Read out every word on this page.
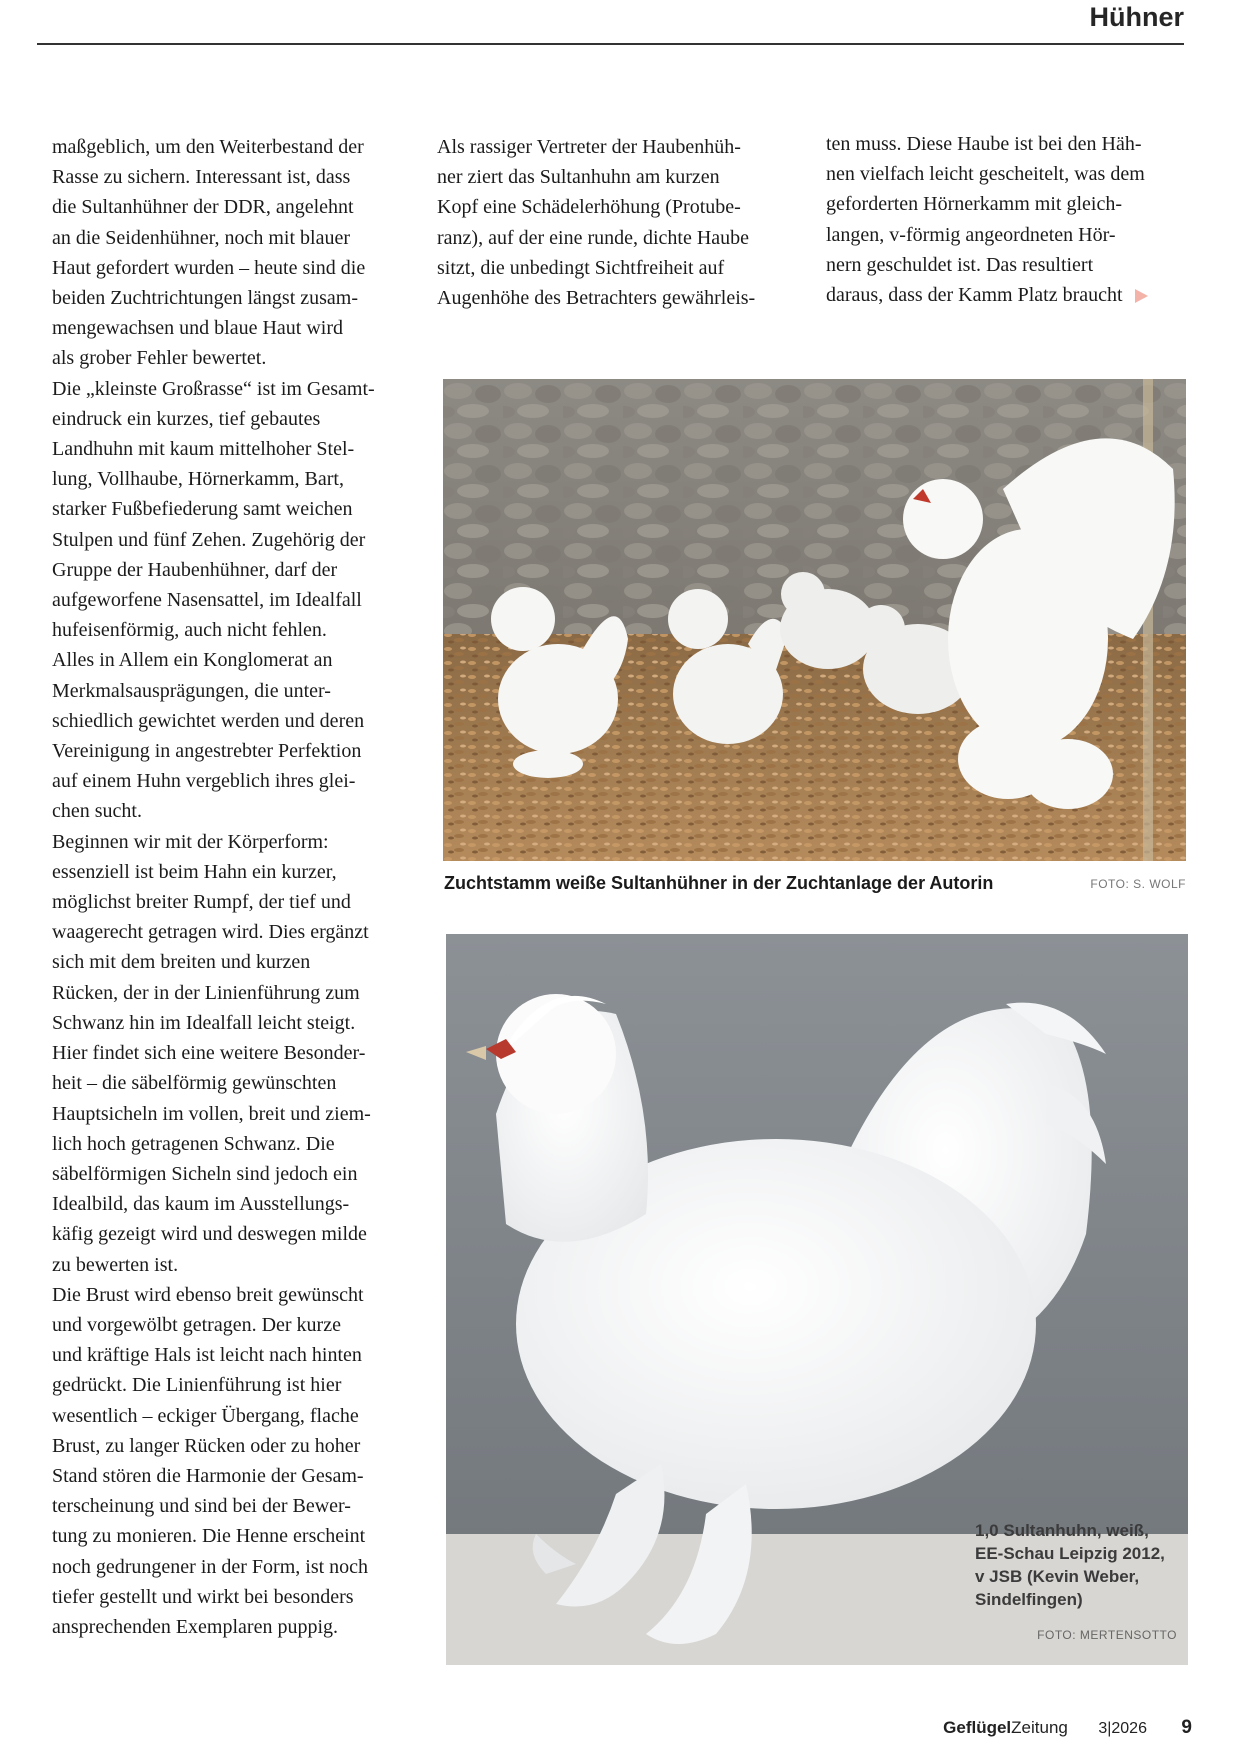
Hühner

maßgeblich, um den Weiterbestand der

Rasse zu sichern. Interessant ist, dass

die Sultanhühner der DDR, angelehnt

an die Seidenhühner, noch mit blauer

Haut gefordert wurden – heute sind die

beiden Zuchtrichtungen längst zusam-

mengewachsen und blaue Haut wird

als grober Fehler bewertet.

Die „kleinste Großrasse“ ist im Gesamt-

eindruck ein kurzes, tief gebautes

Landhuhn mit kaum mittelhoher Stel-

lung, Vollhaube, Hörnerkamm, Bart,

starker Fußbefiederung samt weichen

Stulpen und fünf Zehen. Zugehörig der

Gruppe der Haubenhühner, darf der

aufgeworfene Nasensattel, im Idealfall

hufeisenförmig, auch nicht fehlen.

Alles in Allem ein Konglomerat an

Merkmalsausprägungen, die unter-

schiedlich gewichtet werden und deren

Vereinigung in angestrebter Perfektion

auf einem Huhn vergeblich ihres glei-

chen sucht.

Beginnen wir mit der Körperform:

essenziell ist beim Hahn ein kurzer,

möglichst breiter Rumpf, der tief und

waagerecht getragen wird. Dies ergänzt

sich mit dem breiten und kurzen

Rücken, der in der Linienführung zum

Schwanz hin im Idealfall leicht steigt.

Hier findet sich eine weitere Besonder-

heit – die säbelförmig gewünschten

Hauptsicheln im vollen, breit und ziem-

lich hoch getragenen Schwanz. Die

säbelförmigen Sicheln sind jedoch ein

Idealbild, das kaum im Ausstellungs-

käfig gezeigt wird und deswegen milde

zu bewerten ist.

Die Brust wird ebenso breit gewünscht

und vorgewölbt getragen. Der kurze

und kräftige Hals ist leicht nach hinten

gedrückt. Die Linienführung ist hier

wesentlich – eckiger Übergang, flache

Brust, zu langer Rücken oder zu hoher

Stand stören die Harmonie der Gesam-

terscheinung und sind bei der Bewer-

tung zu monieren. Die Henne erscheint

noch gedrungener in der Form, ist noch

tiefer gestellt und wirkt bei besonders

ansprechenden Exemplaren puppig.

Als rassiger Vertreter der Haubenhüh-

ner ziert das Sultanhuhn am kurzen

Kopf eine Schädelerhöhung (Protube-

ranz), auf der eine runde, dichte Haube

sitzt, die unbedingt Sichtfreiheit auf

Augenhöhe des Betrachters gewährleis-

ten muss. Diese Haube ist bei den Häh-

nen vielfach leicht gescheitelt, was dem

geforderten Hörnerkamm mit gleich-

langen, v-förmig angeordneten Hör-

nern geschuldet ist. Das resultiert

daraus, dass der Kamm Platz braucht

Zuchtstamm weiße Sultanhühner in der Zuchtanlage der Autorin	FOTO: S. WOLF
1,0 Sultanhuhn, weiß,
EE-Schau Leipzig 2012,
v JSB (Kevin Weber,
Sindelfingen)
FOTO: MERTENSOTTO
GeflügelZeitung 3|2026 9
